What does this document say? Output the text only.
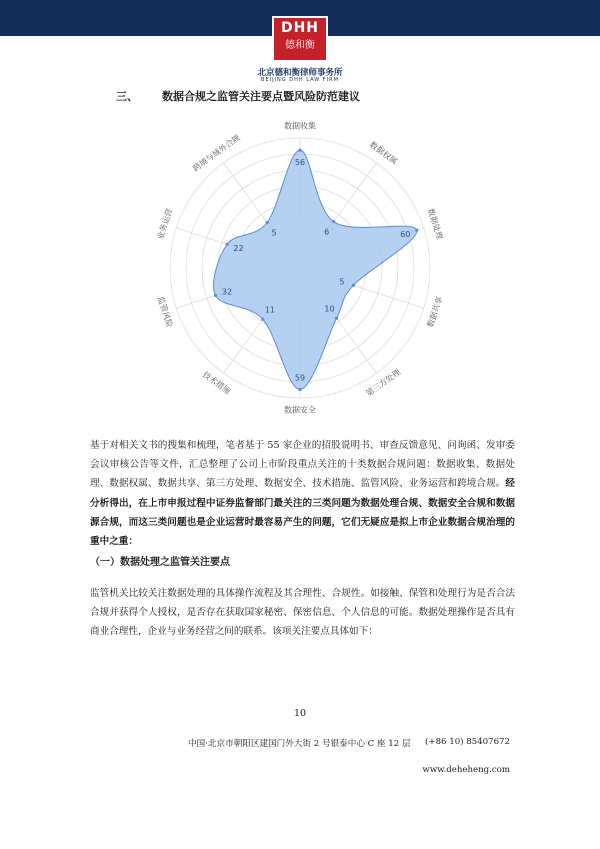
DHH
德和衡
北京德和衡律师事务所
BEIJING DHH LAW FIRM
三、 数据合规之监管关注要点暨风险防范建议
56
6	60
5
10
59
11
32
22
5
数据收集
数据权属
数据处理
数据共享
第三方处理
数据安全
技术措施
监管风险
业务运营
跨境与域外合规
基于对相关文书的搜集和梳理，笔者基于 55 家企业的招股说明书、审查反馈意见、问询函、发审委会议审核公告等文件，汇总整理了公司上市阶段重点关注的十类数据合规问题：数据收集、数据处理、数据权属、数据共享、第三方处理、数据安全、技术措施、监管风险、业务运营和跨境合规。经分析得出，在上市申报过程中证券监督部门最关注的三类问题为数据处理合规、数据安全合规和数据源合规，而这三类问题也是企业运营时最容易产生的问题，它们无疑应是拟上市企业数据合规治理的重中之重：
（一）数据处理之监管关注要点
监管机关比较关注数据处理的具体操作流程及其合理性、合规性。如接触、保管和处理行为是否合法合规并获得个人授权，是否存在获取国家秘密、保密信息、个人信息的可能。数据处理操作是否具有商业合理性，企业与业务经营之间的联系。该项关注要点具体如下：
10
中国·北京市朝阳区建国门外大街 2 号银泰中心 C 座 12 层 (+86 10) 85407672
www.deheheng.com
